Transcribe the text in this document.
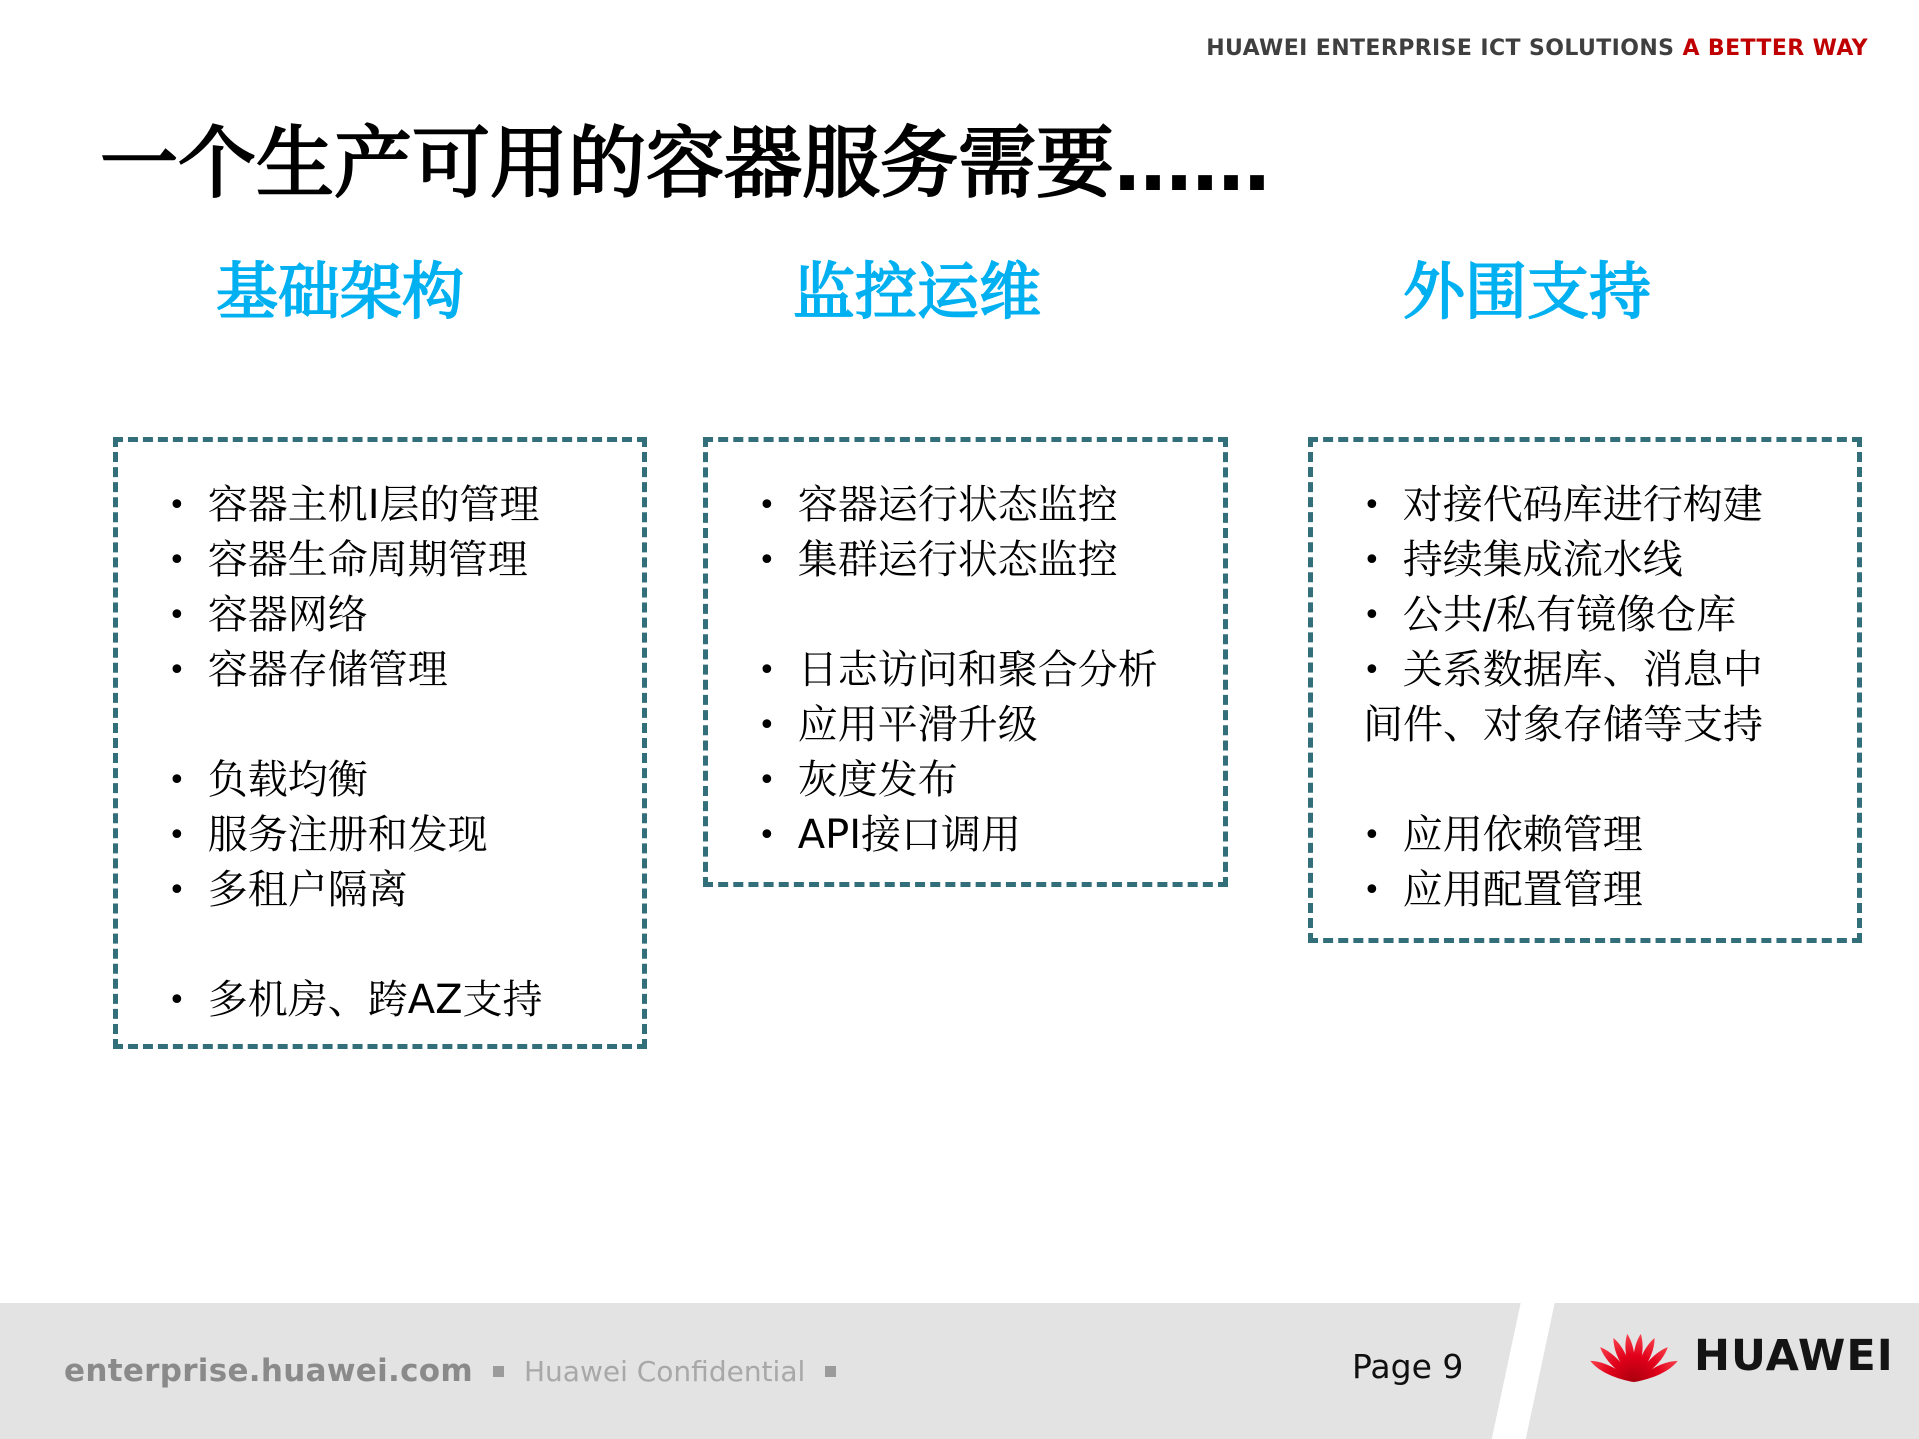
HUAWEI ENTERPRISE ICT SOLUTIONS A BETTER WAY
一个生产可用的容器服务需要……
基础架构	监控运维	外围支持
• 容器主机I层的管理
• 容器生命周期管理
• 容器网络
• 容器存储管理
• 负载均衡
• 服务注册和发现
• 多租户隔离
• 多机房、跨AZ支持
• 容器运行状态监控
• 集群运行状态监控
• 日志访问和聚合分析
• 应用平滑升级
• 灰度发布
• API接口调用
• 对接代码库进行构建
• 持续集成流水线
• 公共/私有镜像仓库
• 关系数据库、消息中间件、对象存储等支持
• 应用依赖管理
• 应用配置管理
enterprise.huawei.com Huawei Confidential	Page 9	HUAWEI
